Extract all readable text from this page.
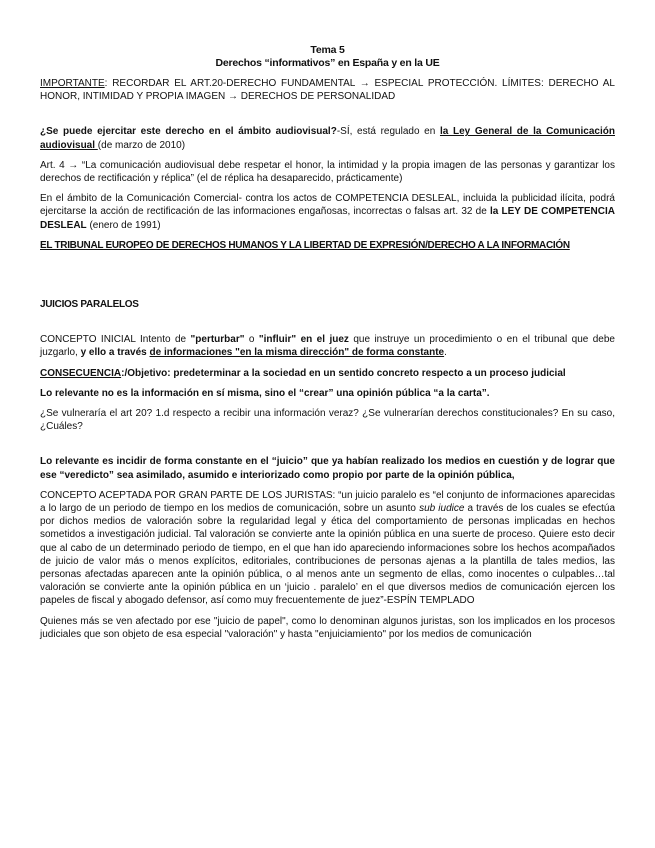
Tema 5
Derechos “informativos” en España y en la UE

IMPORTANTE: RECORDAR EL ART.20-DERECHO FUNDAMENTAL → ESPECIAL PROTECCIÓN. LÍMITES: DERECHO AL HONOR, INTIMIDAD Y PROPIA IMAGEN → DERECHOS DE PERSONALIDAD

¿Se puede ejercitar este derecho en el ámbito audiovisual?-SÍ, está regulado en la Ley General de la Comunicación audiovisual (de marzo de 2010)

Art. 4 → “La comunicación audiovisual debe respetar el honor, la intimidad y la propia imagen de las personas y garantizar los derechos de rectificación y réplica” (el de réplica ha desaparecido, prácticamente)

En el ámbito de la Comunicación Comercial- contra los actos de COMPETENCIA DESLEAL, incluida la publicidad ilícita, podrá ejercitarse la acción de rectificación de las informaciones engañosas, incorrectas o falsas art. 32 de la LEY DE COMPETENCIA DESLEAL (enero de 1991)

EL TRIBUNAL EUROPEO DE DERECHOS HUMANOS Y LA LIBERTAD DE EXPRESIÓN/DERECHO A LA INFORMACIÓN

JUICIOS PARALELOS

CONCEPTO INICIAL Intento de "perturbar" o "influir" en el juez que instruye un procedimiento o en el tribunal que debe juzgarlo, y ello a través de informaciones "en la misma dirección" de forma constante.

CONSECUENCIA:/Objetivo: predeterminar a la sociedad en un sentido concreto respecto a un proceso judicial

Lo relevante no es la información en sí misma, sino el “crear” una opinión pública “a la carta”.

¿Se vulneraría el art 20? 1.d respecto a recibir una información veraz? ¿Se vulnerarían derechos constitucionales? En su caso, ¿Cuáles?

Lo relevante es incidir de forma constante en el “juicio” que ya habían realizado los medios en cuestión y de lograr que ese “veredicto” sea asimilado, asumido e interiorizado como propio por parte de la opinión pública,

CONCEPTO ACEPTADA POR GRAN PARTE DE LOS JURISTAS: “un juicio paralelo es “el conjunto de informaciones aparecidas a lo largo de un periodo de tiempo en los medios de comunicación, sobre un asunto sub iudice a través de los cuales se efectúa por dichos medios de valoración sobre la regularidad legal y ética del comportamiento de personas implicadas en hechos sometidos a investigación judicial. Tal valoración se convierte ante la opinión pública en una suerte de proceso. Quiere esto decir que al cabo de un determinado periodo de tiempo, en el que han ido apareciendo informaciones sobre los hechos acompañados de juicio de valor más o menos explícitos, editoriales, contribuciones de personas ajenas a la plantilla de tales medios, las personas afectadas aparecen ante la opinión pública, o al menos ante un segmento de ellas, como inocentes o culpables…tal valoración se convierte ante la opinión pública en un ‘juicio . paralelo’ en el que diversos medios de comunicación ejercen los papeles de fiscal y abogado defensor, así como muy frecuentemente de juez”-ESPÍN TEMPLADO

Quienes más se ven afectado por ese "juicio de papel", como lo denominan algunos juristas, son los implicados en los procesos judiciales que son objeto de esa especial "valoración" y hasta "enjuiciamiento" por los medios de comunicación
